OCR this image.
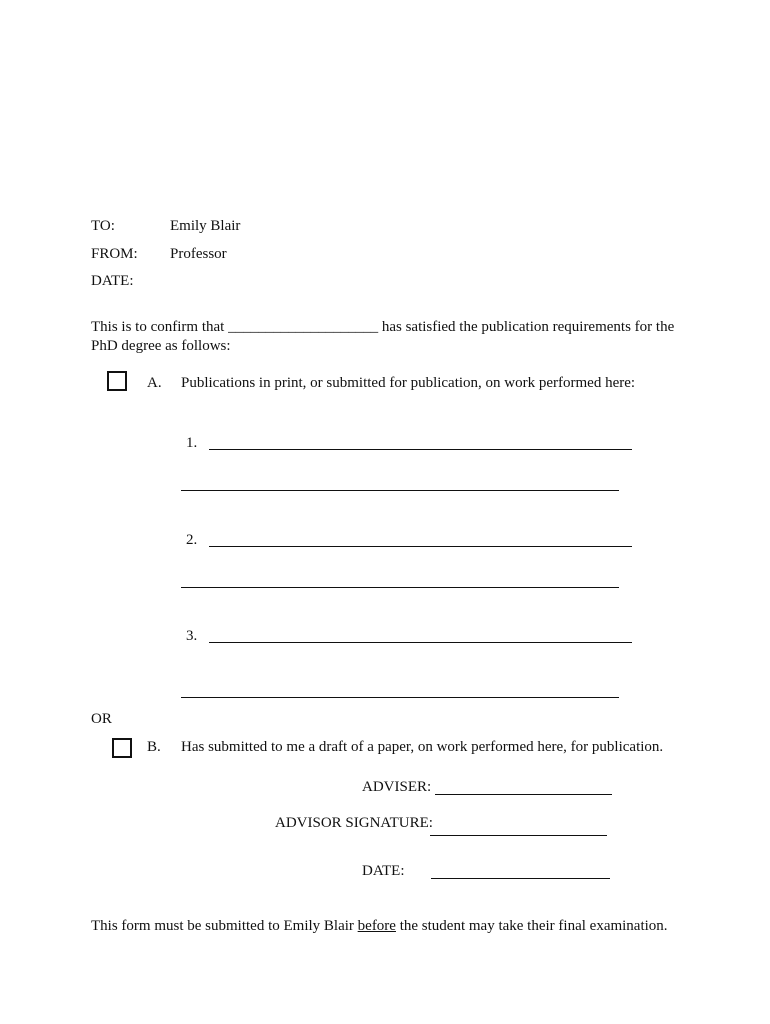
TO:	Emily Blair
FROM: Professor
DATE:
This is to confirm that ____________________ has satisfied the publication requirements for the
PhD degree as follows:
A. Publications in print, or submitted for publication, on work performed here:
1.
2.
3.
OR
B. Has submitted to me a draft of a paper, on work performed here, for publication.
ADVISER:
ADVISOR SIGNATURE:
DATE:
This form must be submitted to Emily Blair before the student may take their final examination.
